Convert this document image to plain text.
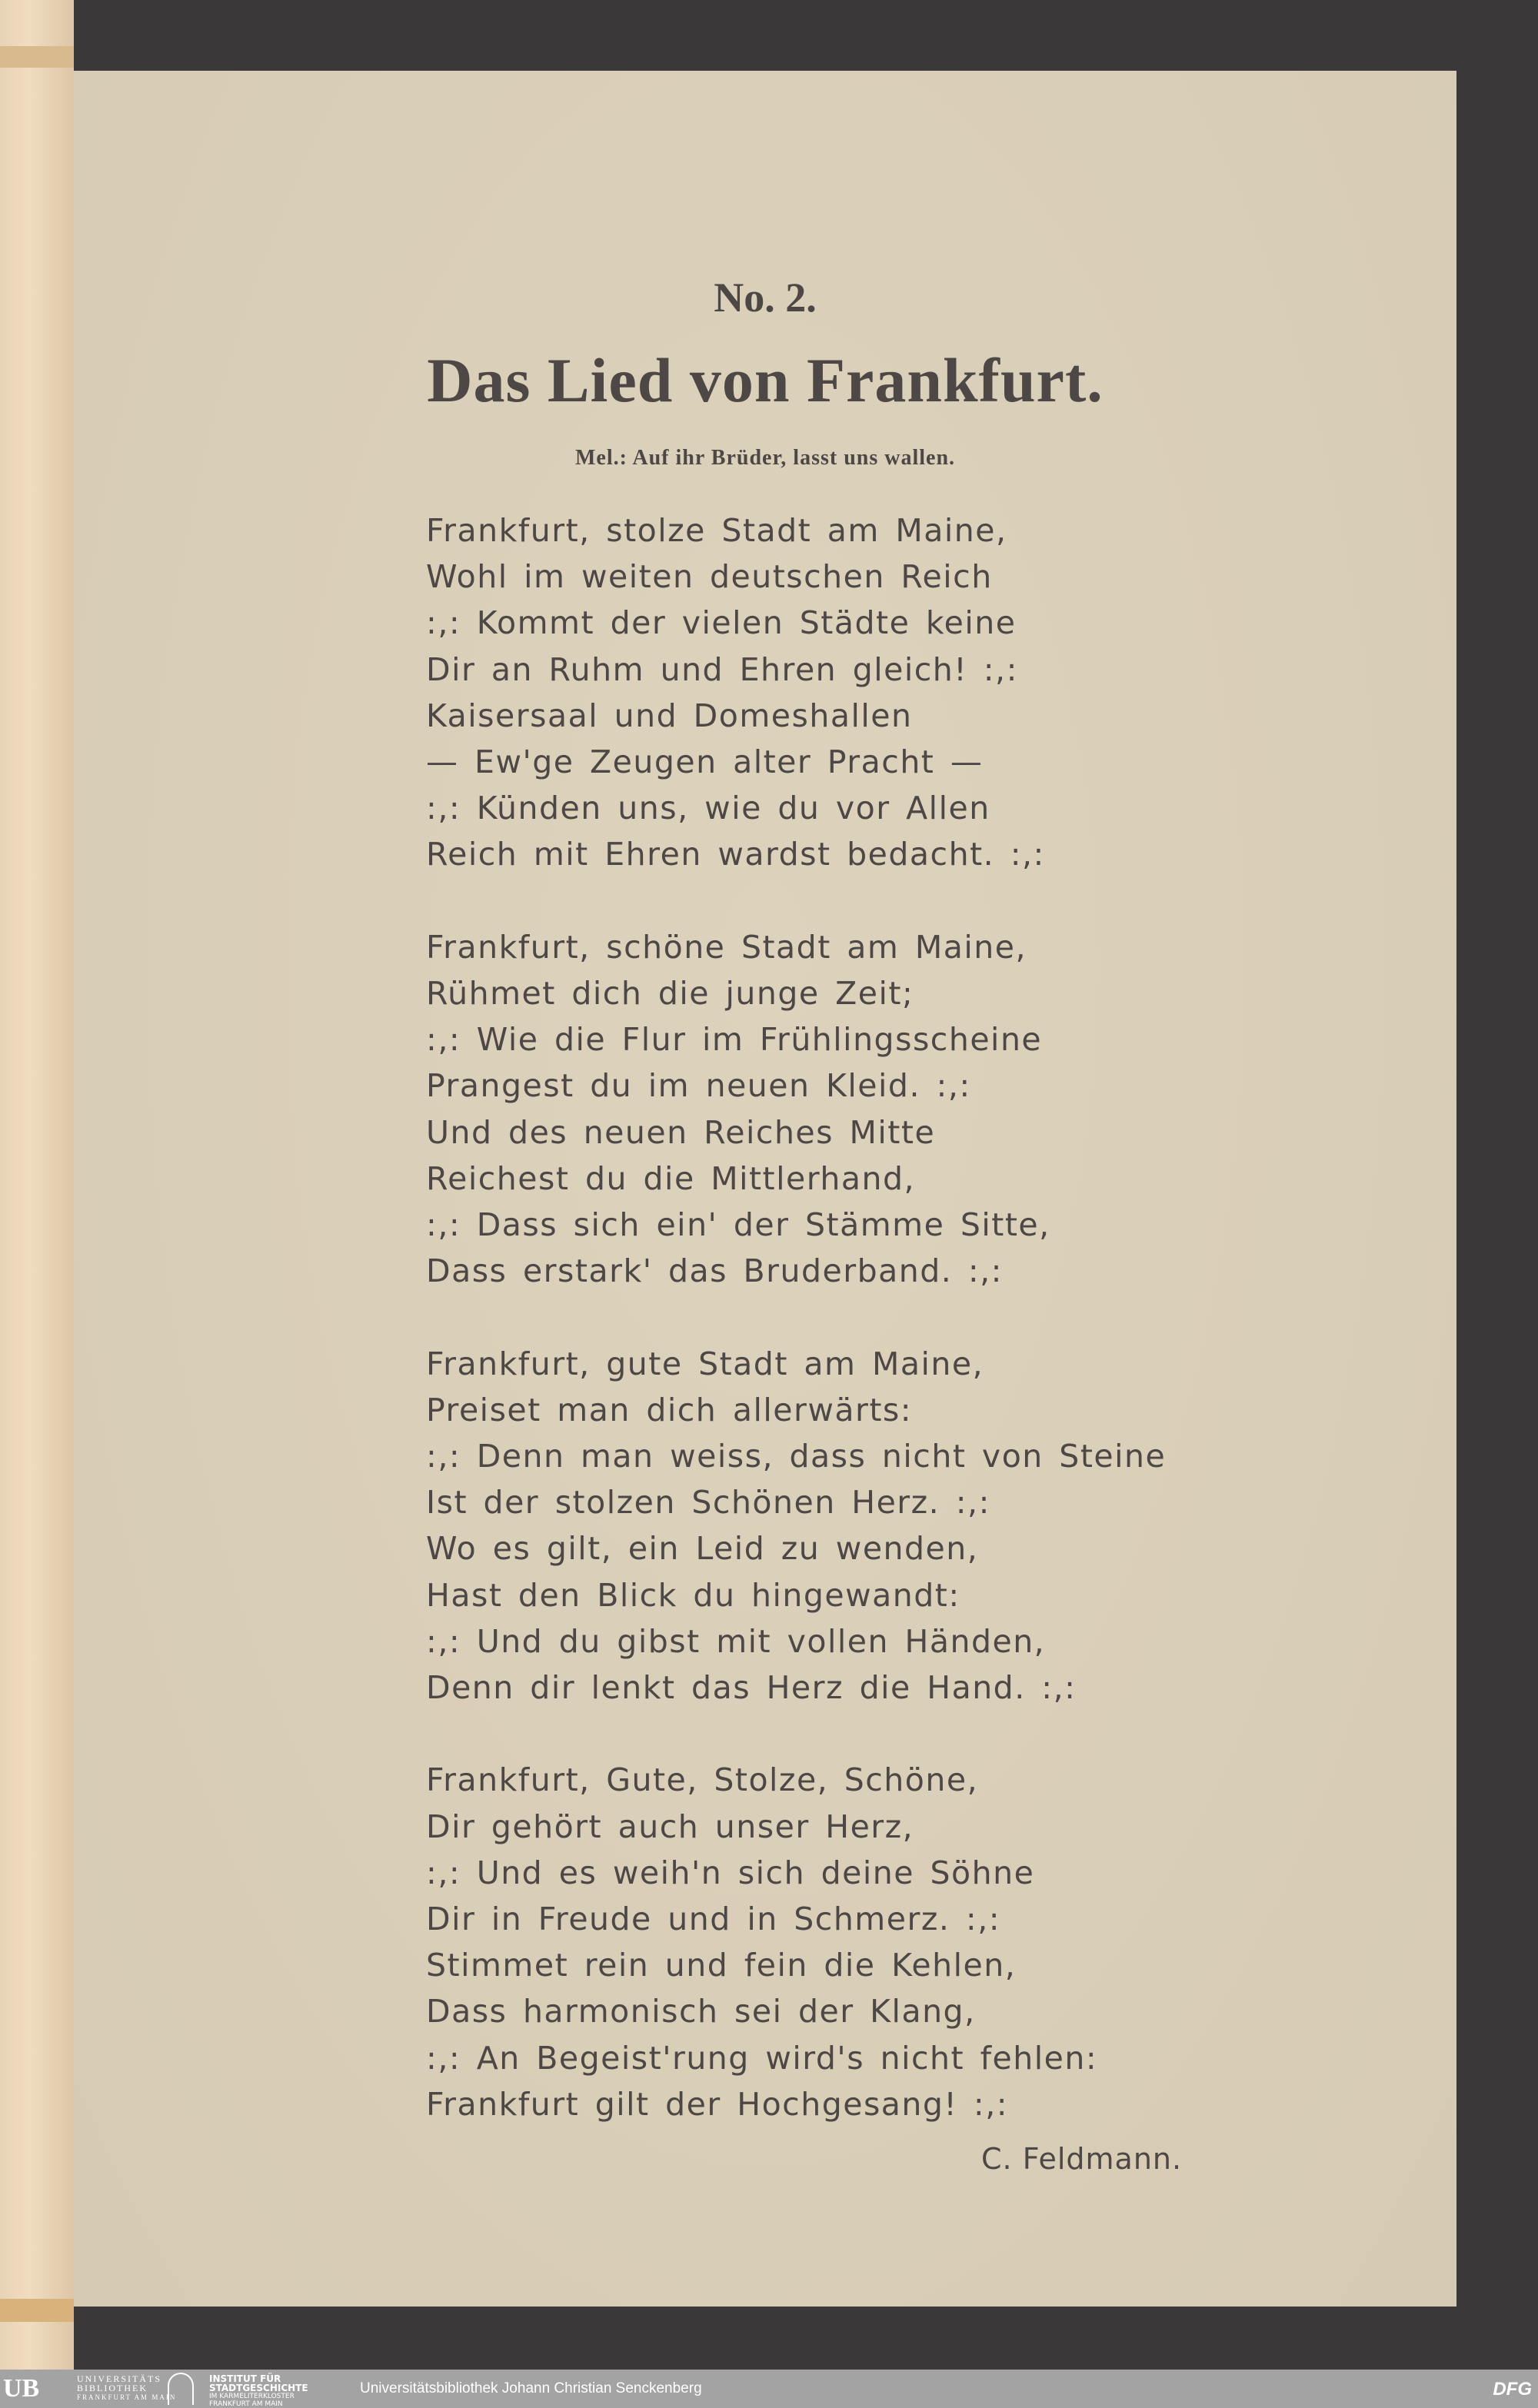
No. 2.
Das Lied von Frankfurt.
Mel.: Auf ihr Brüder, lasst uns wallen.
Frankfurt, stolze Stadt am Maine,
Wohl im weiten deutschen Reich
:,: Kommt der vielen Städte keine
Dir an Ruhm und Ehren gleich! :,:
Kaisersaal und Domeshallen
— Ew'ge Zeugen alter Pracht —
:,: Künden uns, wie du vor Allen
Reich mit Ehren wardst bedacht. :,:
Frankfurt, schöne Stadt am Maine,
Rühmet dich die junge Zeit;
:,: Wie die Flur im Frühlingsscheine
Prangest du im neuen Kleid. :,:
Und des neuen Reiches Mitte
Reichest du die Mittlerhand,
:,: Dass sich ein' der Stämme Sitte,
Dass erstark' das Bruderband. :,:
Frankfurt, gute Stadt am Maine,
Preiset man dich allerwärts:
:,: Denn man weiss, dass nicht von Steine
Ist der stolzen Schönen Herz. :,:
Wo es gilt, ein Leid zu wenden,
Hast den Blick du hingewandt:
:,: Und du gibst mit vollen Händen,
Denn dir lenkt das Herz die Hand. :,:
Frankfurt, Gute, Stolze, Schöne,
Dir gehört auch unser Herz,
:,: Und es weih'n sich deine Söhne
Dir in Freude und in Schmerz. :,:
Stimmet rein und fein die Kehlen,
Dass harmonisch sei der Klang,
:,: An Begeist'rung wird's nicht fehlen:
Frankfurt gilt der Hochgesang! :,:
C. Feldmann.
UB	UNIVERSITÄTS
BIBLIOTHEK
FRANKFURT AM MAIN
INSTITUT FÜR
STADTGESCHICHTE
IM KARMELITERKLOSTER
FRANKFURT AM MAIN
Universitätsbibliothek Johann Christian Senckenberg	DFG
